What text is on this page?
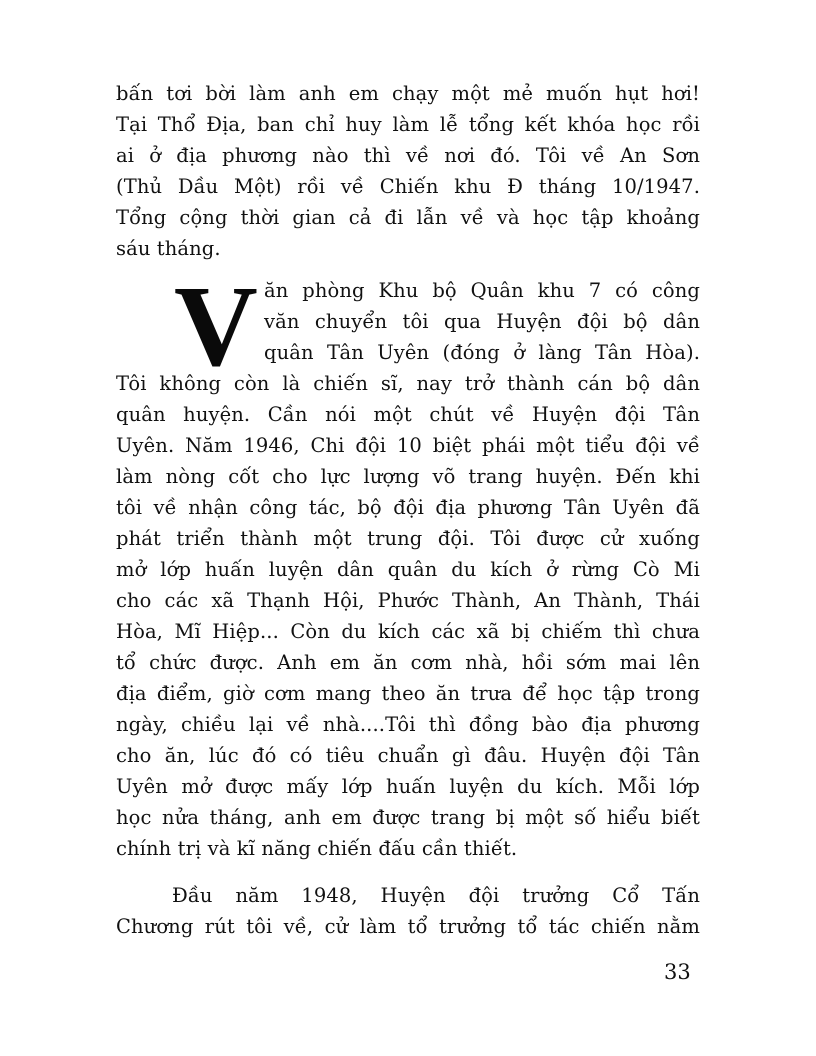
bấn tơi bời làm anh em chạy một mẻ muốn hụt hơi!
Tại Thổ Địa, ban chỉ huy làm lễ tổng kết khóa học rồi
ai ở địa phương nào thì về nơi đó. Tôi về An Sơn
(Thủ Dầu Một) rồi về Chiến khu Đ tháng 10/1947.
Tổng cộng thời gian cả đi lẫn về và học tập khoảng
sáu tháng.
V ăn phòng Khu bộ Quân khu 7 có công
văn chuyển tôi qua Huyện đội bộ dân
quân Tân Uyên (đóng ở làng Tân Hòa).
Tôi không còn là chiến sĩ, nay trở thành cán bộ dân
quân huyện. Cần nói một chút về Huyện đội Tân
Uyên. Năm 1946, Chi đội 10 biệt phái một tiểu đội về
làm nòng cốt cho lực lượng võ trang huyện. Đến khi
tôi về nhận công tác, bộ đội địa phương Tân Uyên đã
phát triển thành một trung đội. Tôi được cử xuống
mở lớp huấn luyện dân quân du kích ở rừng Cò Mi
cho các xã Thạnh Hội, Phước Thành, An Thành, Thái
Hòa, Mĩ Hiệp... Còn du kích các xã bị chiếm thì chưa
tổ chức được. Anh em ăn cơm nhà, hồi sớm mai lên
địa điểm, giờ cơm mang theo ăn trưa để học tập trong
ngày, chiều lại về nhà....Tôi thì đồng bào địa phương
cho ăn, lúc đó có tiêu chuẩn gì đâu. Huyện đội Tân
Uyên mở được mấy lớp huấn luyện du kích. Mỗi lớp
học nửa tháng, anh em được trang bị một số hiểu biết
chính trị và kĩ năng chiến đấu cần thiết.
Đầu năm 1948, Huyện đội trưởng Cổ Tấn
Chương rút tôi về, cử làm tổ trưởng tổ tác chiến nằm
33
